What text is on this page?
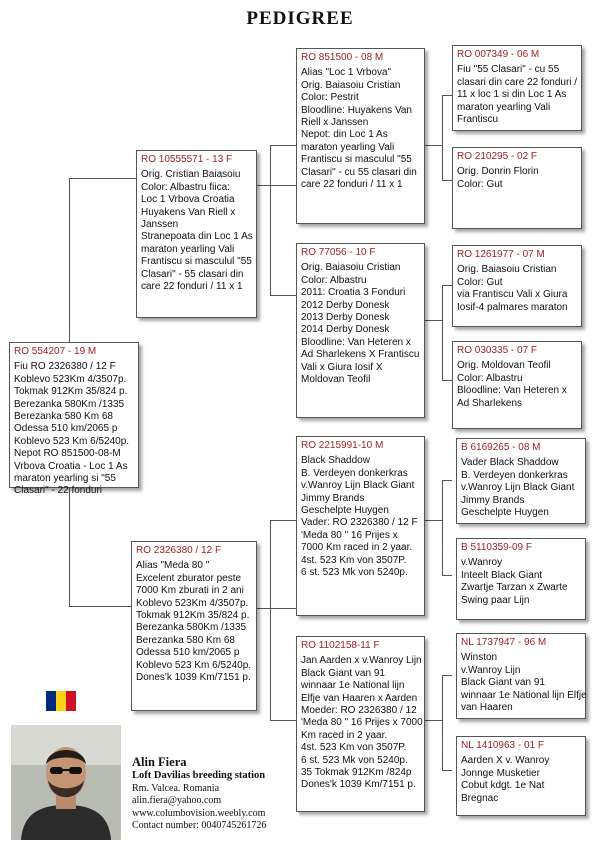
PEDIGREE
RO 554207 - 19 M
Fiu RO 2326380 / 12 F
Koblevo 523Km 4/3507p.
Tokmak 912Km 35/824 p.
Berezanka 580Km /1335
Berezanka 580 Km 68
Odessa 510 km/2065 p
Koblevo 523 Km 6/5240p.
Nepot RO 851500-08-M
Vrbova Croatia - Loc 1 As
maraton yearling si "55
Clasari" - 22 fonduri
RO 10555571 - 13 F
Orig. Cristian Baiasoiu
Color: Albastru fiica:
Loc 1 Vrbova Croatia
Huyakens Van Riell x
Janssen
Stranepoata din Loc 1 As
maraton yearling Vali
Frantiscu si masculul "55
Clasari" - 55 clasari din
care 22 fonduri / 11 x 1
RO 2326380 / 12 F
Alias "Meda 80 "
Excelent zburator peste
7000 Km zburati in 2 ani
Koblevo 523Km 4/3507p.
Tokmak 912Km 35/824 p.
Berezanka 580Km /1335
Berezanka 580 Km 68
Odessa 510 km/2065 p
Koblevo 523 Km 6/5240p.
Dones'k 1039 Km/7151 p.
RO 851500 - 08 M
Alias "Loc 1 Vrbova"
Orig. Baiasoiu Cristian
Color: Pestrit
Bloodline: Huyakens Van
Riell x Janssen
Nepot: din Loc 1 As
maraton yearling Vali
Frantiscu si masculul "55
Clasari" - cu 55 clasari din
care 22 fonduri / 11 x 1
RO 77056 - 10 F
Orig. Baiasoiu Cristian
Color: Albastru
2011: Croatia 3 Fonduri
2012 Derby Donesk
2013 Derby Donesk
2014 Derby Donesk
Bloodline: Van Heteren x
Ad Sharlekens X Frantiscu
Vali x Giura Iosif X
Moldovan Teofil
RO 2215991-10 M
Black Shaddow
B. Verdeyen donkerkras
v.Wanroy Lijn Black Giant
Jimmy Brands
Geschelpte Huygen
Vader: RO 2326380 / 12 F
'Meda 80 " 16 Prijes x
7000 Km raced in 2 yaar.
4st. 523 Km von 3507P.
6 st. 523 Mk von 5240p.
RO 1102158-11 F
Jan Aarden x v.Wanroy Lijn
Black Giant van 91
winnaar 1e National lijn
Elfje van Haaren x Aarden
Moeder: RO 2326380 / 12
'Meda 80 " 16 Prijes x 7000
Km raced in 2 yaar.
4st. 523 Km von 3507P.
6 st. 523 Mk von 5240p.
35 Tokmak 912Km /824p
Dones'k 1039 Km/7151 p.
RO 007349 - 06 M
Fiu "55 Clasari" - cu 55
clasari din care 22 fonduri /
11 x loc 1 si din Loc 1 As
maraton yearling Vali
Frantiscu
RO 210295 - 02 F
Orig. Donrin Florin
Color: Gut
RO 1261977 - 07 M
Orig. Baiasoiu Cristian
Color: Gut
via Frantiscu Vali x Giura
Iosif-4 palmares maraton
RO 030335 - 07 F
Orig. Moldovan Teofil
Color: Albastru
Bloodline: Van Heteren x
Ad Sharlekens
B 6169265 - 08 M
Vader Black Shaddow
B. Verdeyen donkerkras
v.Wanroy Lijn Black Giant
Jimmy Brands
Geschelpte Huygen
B 5110359-09 F
v.Wanroy
Inteelt Black Giant
Zwartje Tarzan x Zwarte
Swing paar Lijn
NL 1737947 - 96 M
Winston
v.Wanroy Lijn
Black Giant van 91
winnaar 1e National lijn Elfje
van Haaren
NL 1410963 - 01 F
Aarden X v. Wanroy
Jonnge Musketier
Cobut kdgt. 1e Nat
Bregnac
Alin Fiera
Loft Davilias breeding station
Rm. Valcea. Romania
alin.fiera@yahoo.com
www.columbovision.weebly.com
Contact number: 0040745261726
